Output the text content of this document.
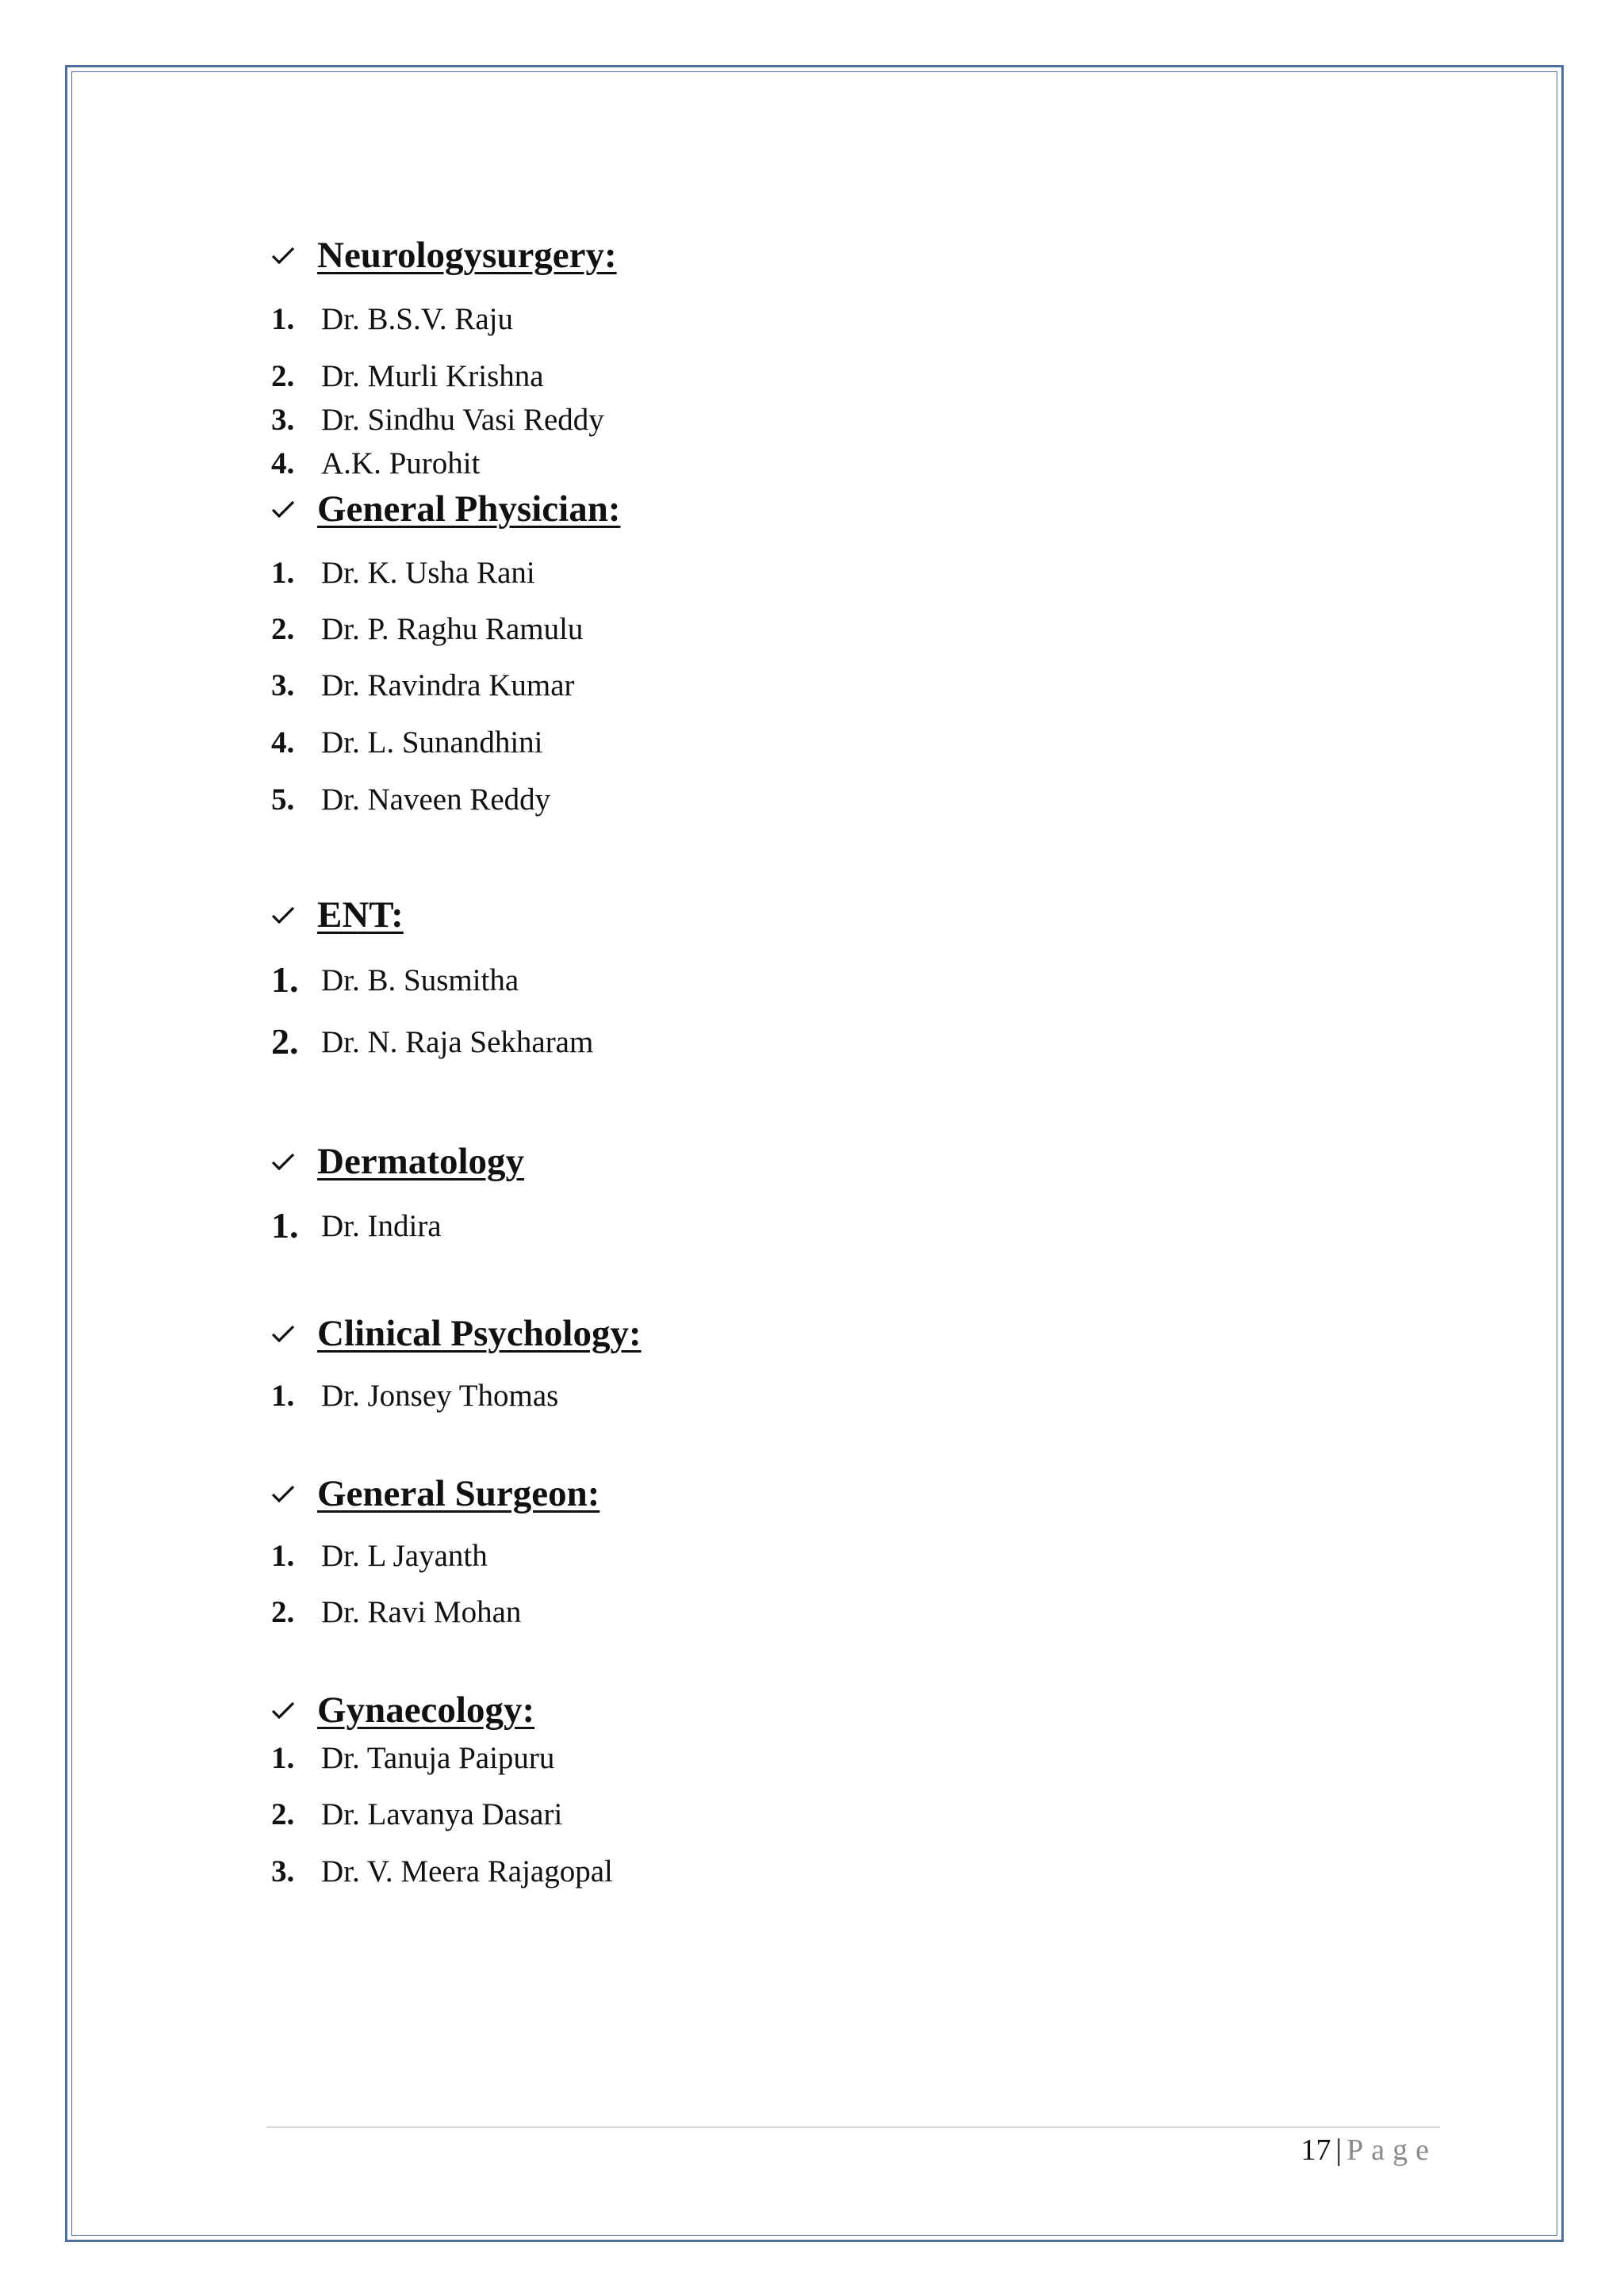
Neurologysurgery:
1. Dr. B.S.V. Raju
2. Dr. Murli Krishna
3. Dr. Sindhu Vasi Reddy
4. A.K. Purohit
General Physician:
1. Dr. K. Usha Rani
2. Dr. P. Raghu Ramulu
3. Dr. Ravindra Kumar
4. Dr. L. Sunandhini
5. Dr. Naveen Reddy
ENT:
1. Dr. B. Susmitha
2. Dr. N. Raja Sekharam
Dermatology
1. Dr. Indira
Clinical Psychology:
1. Dr. Jonsey Thomas
General Surgeon:
1. Dr. L Jayanth
2. Dr. Ravi Mohan
Gynaecology:
1. Dr. Tanuja Paipuru
2. Dr. Lavanya Dasari
3. Dr. V. Meera Rajagopal
17 | Page
